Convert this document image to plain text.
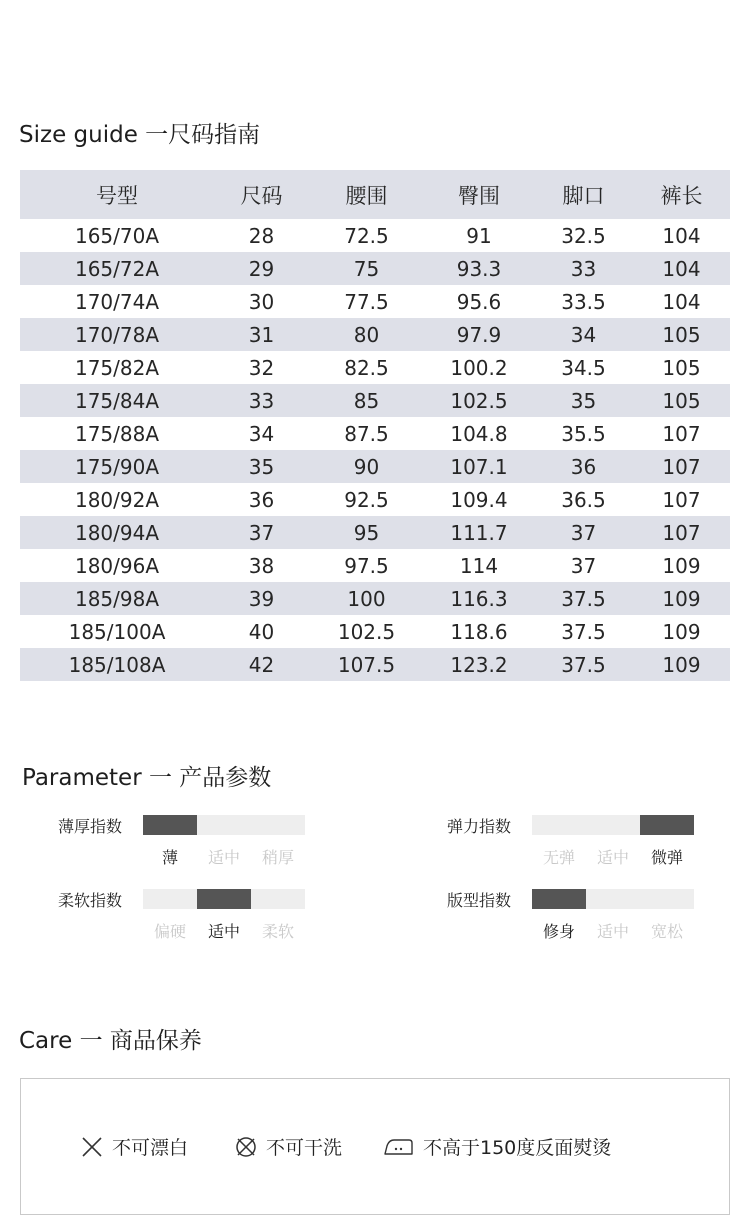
Size guide 一尺码指南
号型	尺码	腰围	臀围	脚口	裤长
165/70A	28	72.5	91	32.5	104
165/72A	29	75	93.3	33	104
170/74A	30	77.5	95.6	33.5	104
170/78A	31	80	97.9	34	105
175/82A	32	82.5	100.2	34.5	105
175/84A	33	85	102.5	35	105
175/88A	34	87.5	104.8	35.5	107
175/90A	35	90	107.1	36	107
180/92A	36	92.5	109.4	36.5	107
180/94A	37	95	111.7	37	107
180/96A	38	97.5	114	37	109
185/98A	39	100	116.3	37.5	109
185/100A	40	102.5	118.6	37.5	109
185/108A	42	107.5	123.2	37.5	109
Parameter 一 产品参数
薄厚指数
薄	适中	稍厚
弹力指数
无弹	适中	微弹
柔软指数
偏硬	适中	柔软
版型指数
修身	适中	宽松
Care 一 商品保养
不可漂白	不可干洗	不高于150度反面熨烫
